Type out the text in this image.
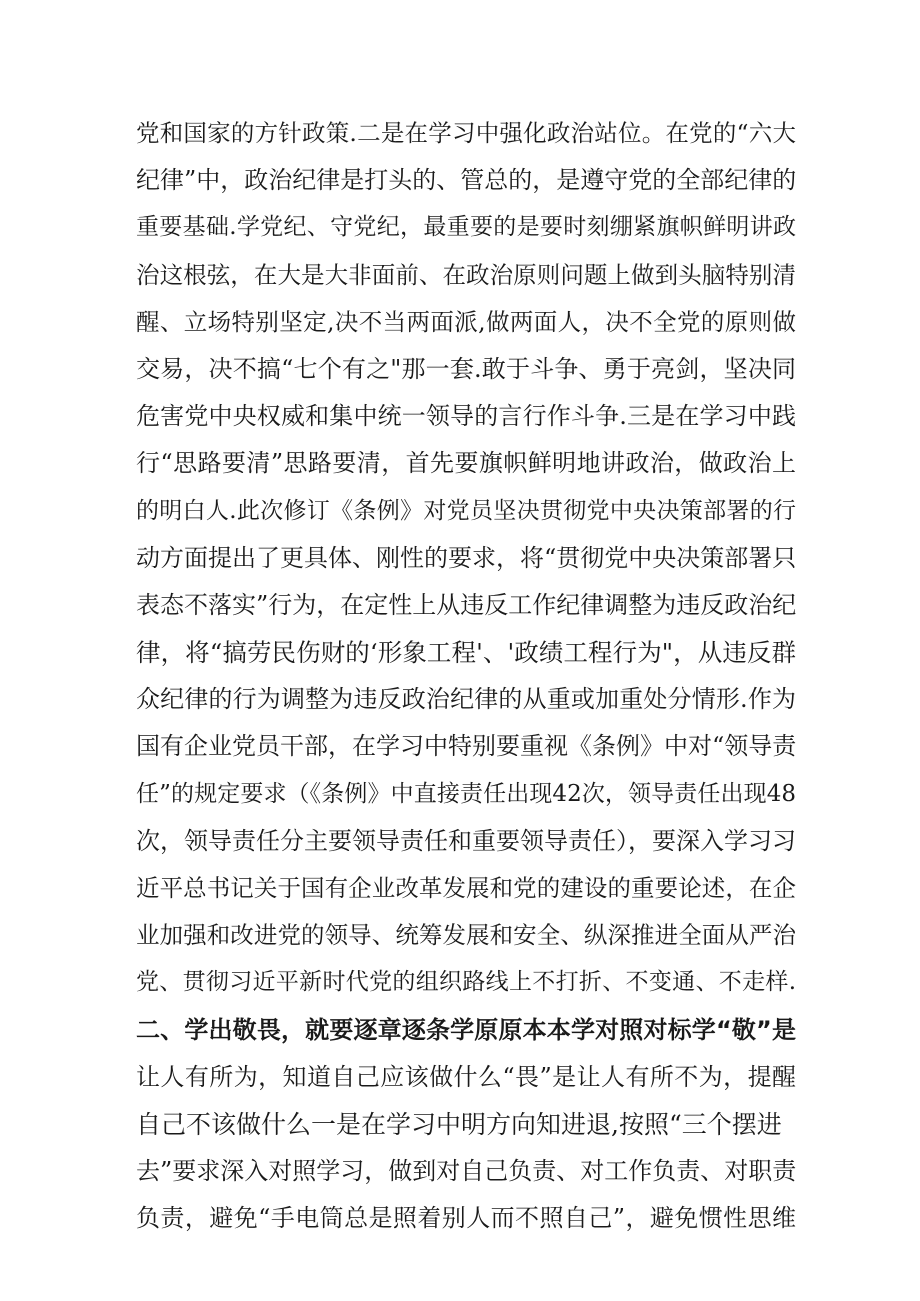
党和国家的方针政策.二是在学习中强化政治站位。在党的“六大
纪律”中，政治纪律是打头的、管总的，是遵守党的全部纪律的
重要基础.学党纪、守党纪，最重要的是要时刻绷紧旗帜鲜明讲政
治这根弦，在大是大非面前、在政治原则问题上做到头脑特别清
醒、立场特别坚定,决不当两面派,做两面人，决不全党的原则做
交易，决不搞“七个有之"那一套.敢于斗争、勇于亮剑，坚决同
危害党中央权威和集中统一领导的言行作斗争.三是在学习中践
行“思路要清”思路要清，首先要旗帜鲜明地讲政治，做政治上
的明白人.此次修订《条例》对党员坚决贯彻党中央决策部署的行
动方面提出了更具体、刚性的要求，将“贯彻党中央决策部署只
表态不落实”行为，在定性上从违反工作纪律调整为违反政治纪
律，将“搞劳民伤财的‘形象工程'、'政绩工程行为"，从违反群
众纪律的行为调整为违反政治纪律的从重或加重处分情形.作为
国有企业党员干部，在学习中特别要重视《条例》中对“领导责
任”的规定要求（《条例》中直接责任出现42次，领导责任出现48
次，领导责任分主要领导责任和重要领导责任），要深入学习习
近平总书记关于国有企业改革发展和党的建设的重要论述，在企
业加强和改进党的领导、统筹发展和安全、纵深推进全面从严治
党、贯彻习近平新时代党的组织路线上不打折、不变通、不走样.
二、学出敬畏，就要逐章逐条学原原本本学对照对标学“敬”是
让人有所为，知道自己应该做什么“畏”是让人有所不为，提醒
自己不该做什么一是在学习中明方向知进退,按照“三个摆进
去”要求深入对照学习，做到对自己负责、对工作负责、对职责
负责，避免“手电筒总是照着别人而不照自己”，避免惯性思维
